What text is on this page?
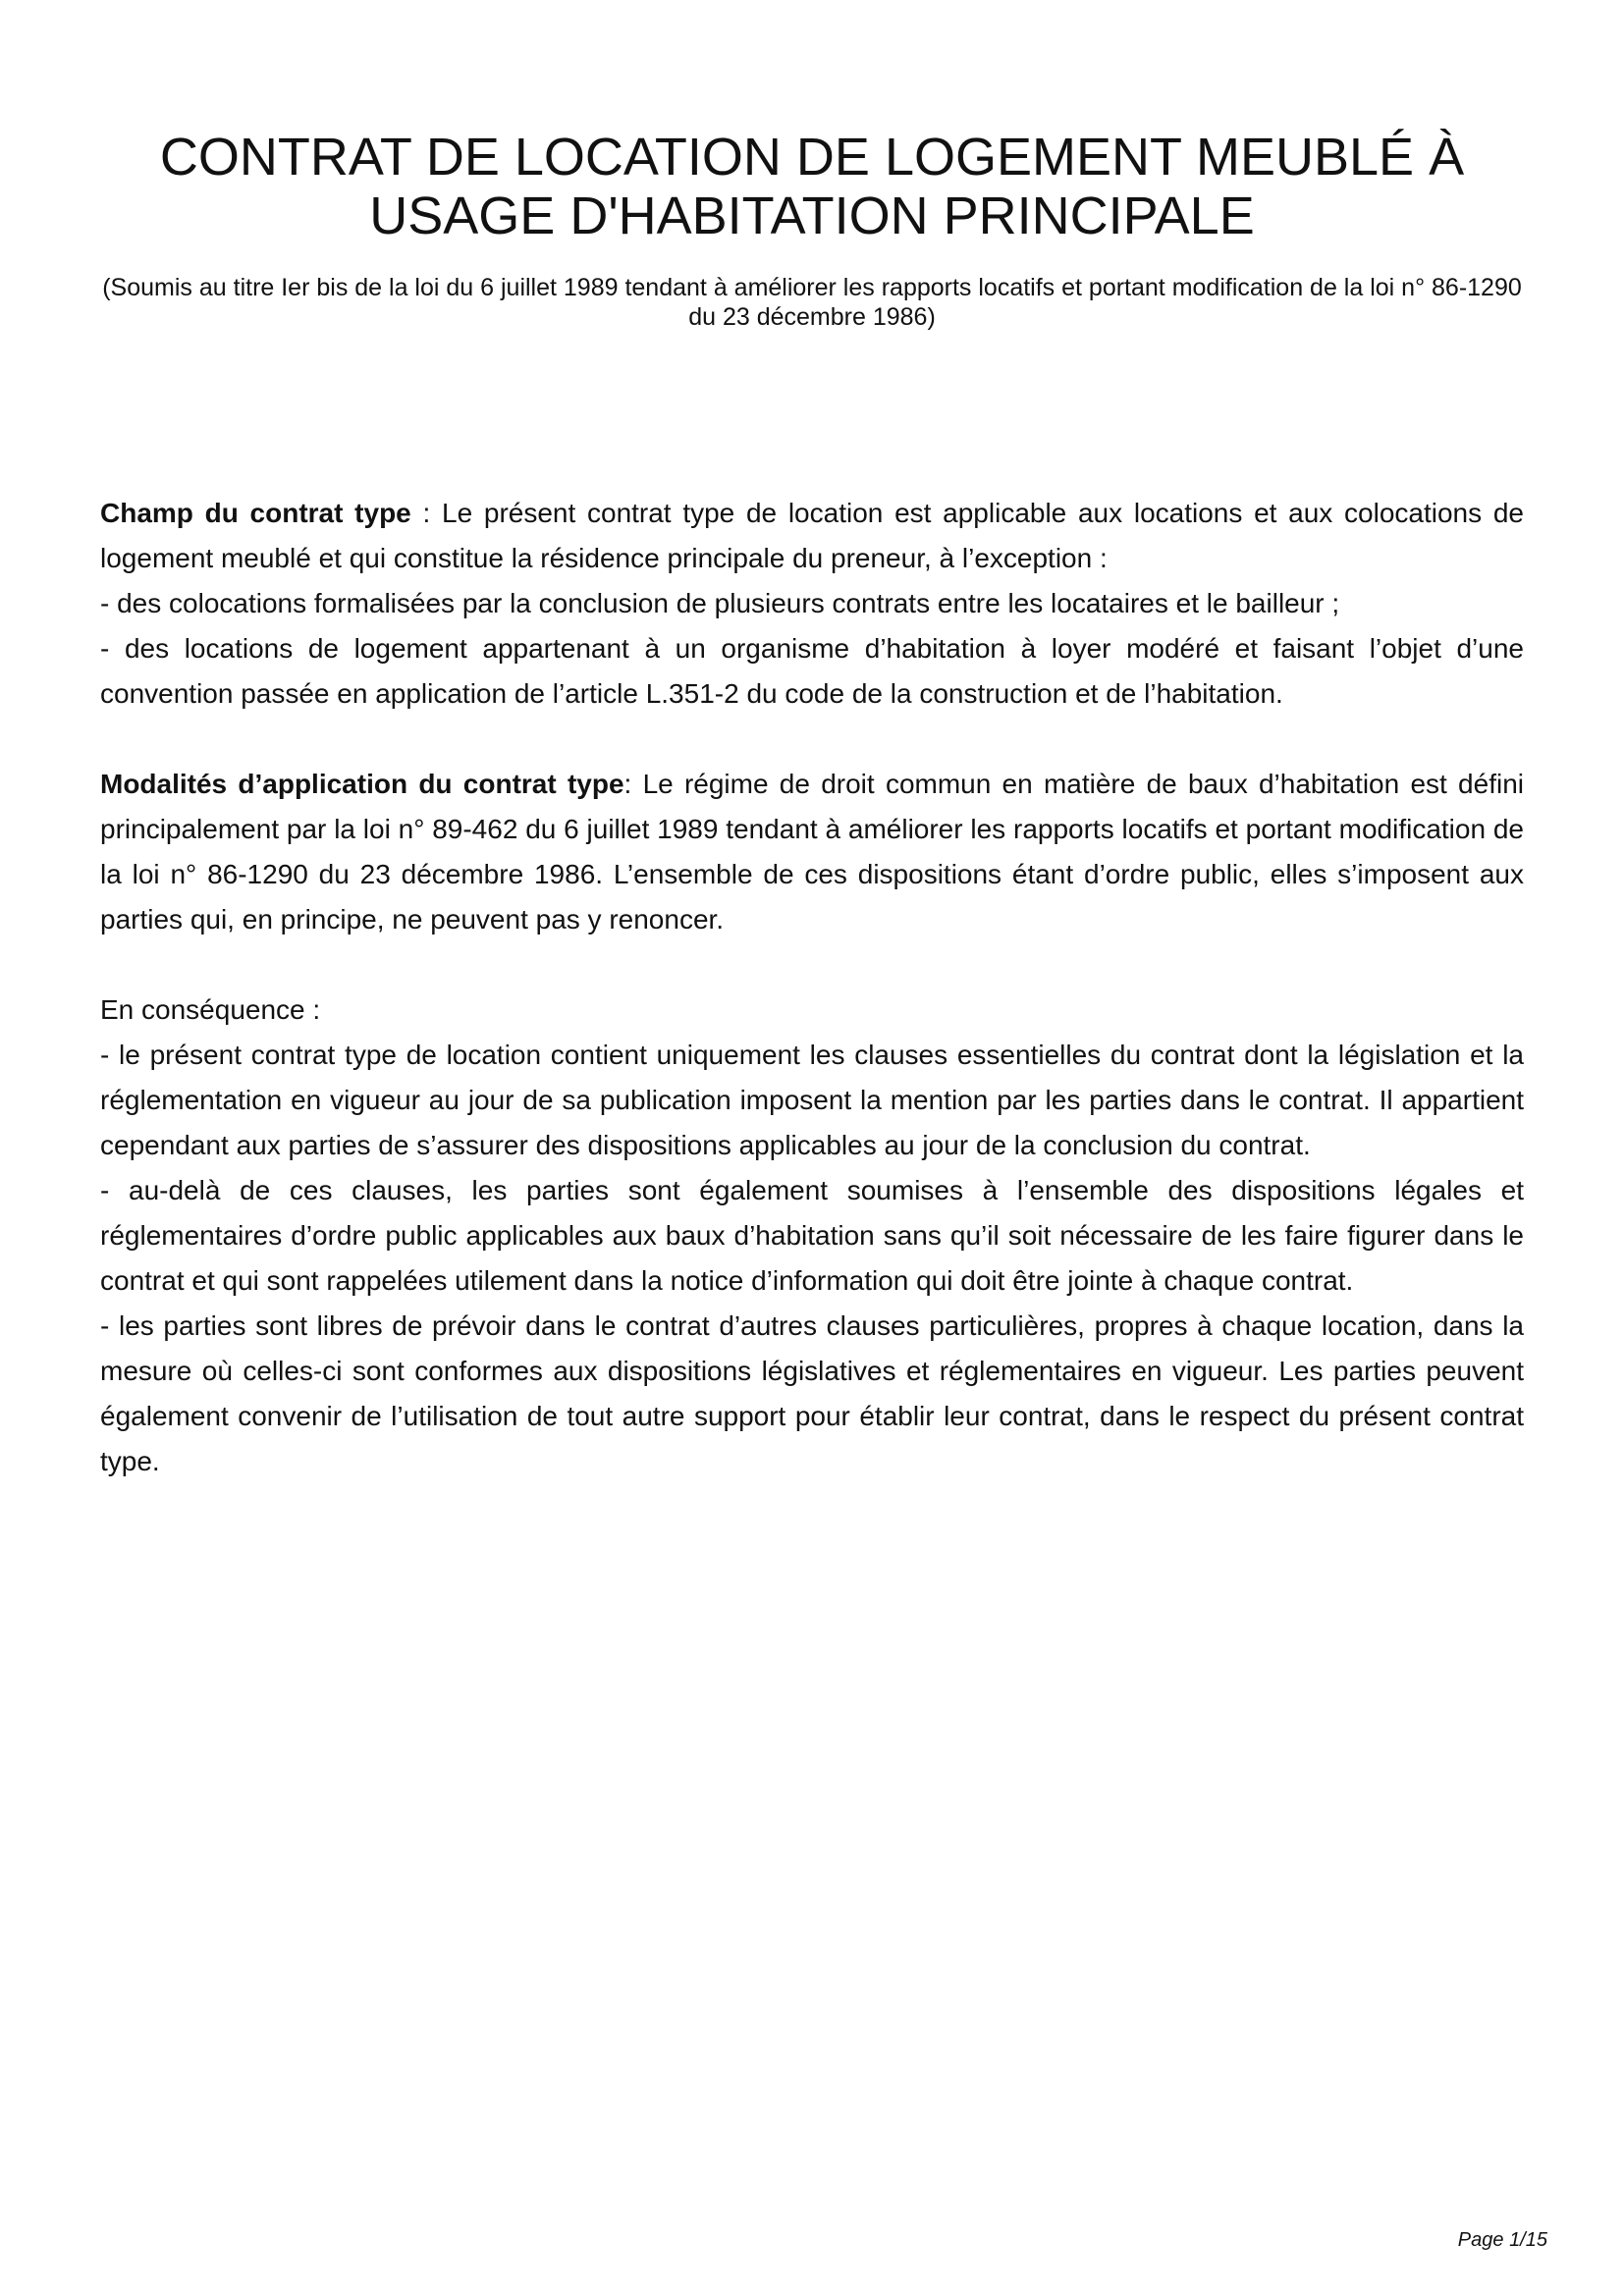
CONTRAT DE LOCATION DE LOGEMENT MEUBLÉ À USAGE D'HABITATION PRINCIPALE

(Soumis au titre Ier bis de la loi du 6 juillet 1989 tendant à améliorer les rapports locatifs et portant modification de la loi n° 86-1290 du 23 décembre 1986)

Champ du contrat type : Le présent contrat type de location est applicable aux locations et aux colocations de logement meublé et qui constitue la résidence principale du preneur, à l’exception :

- des colocations formalisées par la conclusion de plusieurs contrats entre les locataires et le bailleur ;

- des locations de logement appartenant à un organisme d’habitation à loyer modéré et faisant l’objet d’une convention passée en application de l’article L.351-2 du code de la construction et de l’habitation.

Modalités d’application du contrat type: Le régime de droit commun en matière de baux d’habitation est défini principalement par la loi n° 89-462 du 6 juillet 1989 tendant à améliorer les rapports locatifs et portant modification de la loi n° 86-1290 du 23 décembre 1986. L’ensemble de ces dispositions étant d’ordre public, elles s’imposent aux parties qui, en principe, ne peuvent pas y renoncer.

En conséquence :

- le présent contrat type de location contient uniquement les clauses essentielles du contrat dont la législation et la réglementation en vigueur au jour de sa publication imposent la mention par les parties dans le contrat. Il appartient cependant aux parties de s’assurer des dispositions applicables au jour de la conclusion du contrat.

- au-delà de ces clauses, les parties sont également soumises à l’ensemble des dispositions légales et réglementaires d’ordre public applicables aux baux d’habitation sans qu’il soit nécessaire de les faire figurer dans le contrat et qui sont rappelées utilement dans la notice d’information qui doit être jointe à chaque contrat.

- les parties sont libres de prévoir dans le contrat d’autres clauses particulières, propres à chaque location, dans la mesure où celles-ci sont conformes aux dispositions législatives et réglementaires en vigueur. Les parties peuvent également convenir de l’utilisation de tout autre support pour établir leur contrat, dans le respect du présent contrat type.

Page 1/15
